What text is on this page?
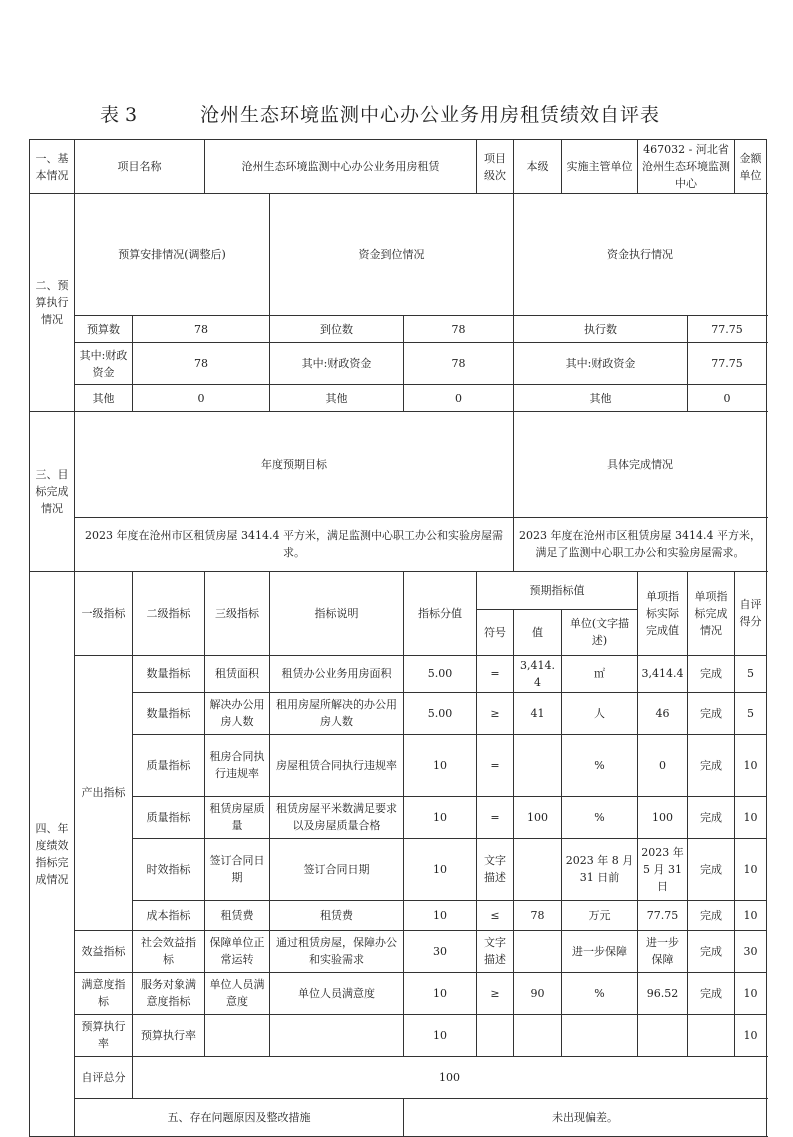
表 3	沧州生态环境监测中心办公业务用房租赁绩效自评表
一、基本情况	项目名称		沧州生态环境监测中心办公业务用房租赁			项目级次	本级	实施主管单位	467032 - 河北省沧州生态环境监测中心		金额单位	
二、预算执行情况	预算安排情况(调整后)			资金到位情况			资金执行情况	
	预算数	78		到位数	78		执行数			77.75	
	其中:财政资金	78		其中:财政资金	78		其中:财政资金			77.75		
	其他	0		其他	0		其他			0		
三、目标完成情况	年度预期目标						具体完成情况	
	2023 年度在沧州市区租赁房屋 3414.4 平方米，满足监测中心职工办公和实验房屋需求。						2023 年度在沧州市区租赁房屋 3414.4 平方米，满足了监测中心职工办公和实验房屋需求。	
四、年度绩效指标完成情况	一级指标	二级指标	三级指标	指标说明	指标分值	预期指标值			单项指标实际完成值	单项指标完成情况	自评得分	
						符号	值	单位(文字描述)				
	产出指标	数量指标	租赁面积	租赁办公业务用房面积	5.00	=	3,414.4	㎡	3,414.4	完成	5	
		数量指标	解决办公用房人数	租用房屋所解决的办公用房人数	5.00	≥	41	人	46	完成	5	
		质量指标	租房合同执行违规率	房屋租赁合同执行违规率	10	=		%	0	完成	10	
		质量指标	租赁房屋质量	租赁房屋平米数满足要求以及房屋质量合格	10	=	100	%	100	完成	10	
		时效指标	签订合同日期	签订合同日期	10	文字描述		2023 年 8 月 31 日前	2023 年 5 月 31 日	完成	10	
		成本指标	租赁费	租赁费	10	≤	78	万元	77.75	完成	10	
	效益指标	社会效益指标	保障单位正常运转	通过租赁房屋，保障办公和实验需求	30	文字描述		进一步保障	进一步保障	完成	30	
	满意度指标	服务对象满意度指标	单位人员满意度	单位人员满意度	10	≥	90	%	96.52	完成	10	
	预算执行率	预算执行率			10						10	
	自评总分	100										
	五、存在问题原因及整改措施				未出现偏差。							
